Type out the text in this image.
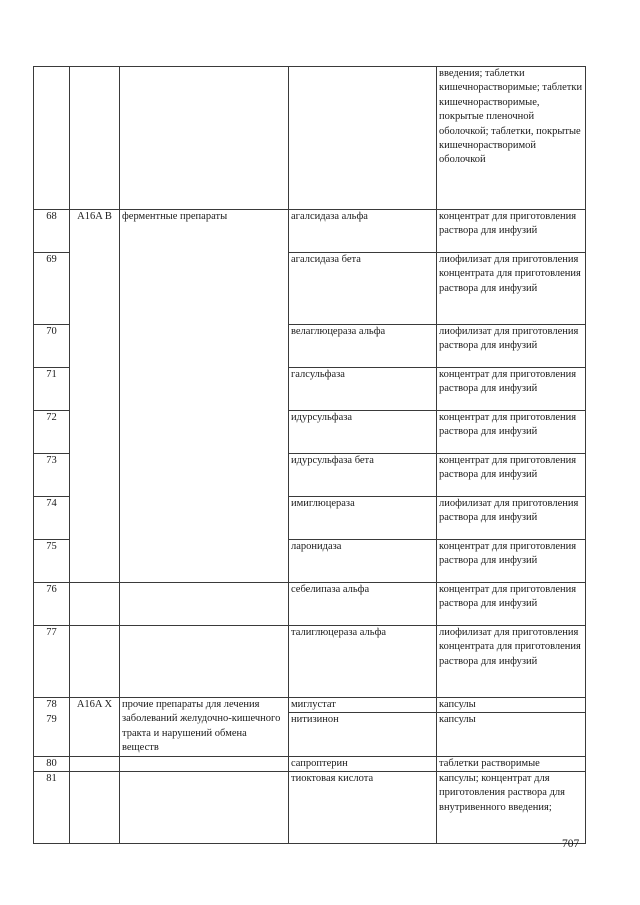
				введения; таблетки кишечнорастворимые; таблетки кишечнорастворимые, покрытые пленочной оболочкой; таблетки, покрытые кишечнорастворимой оболочкой
68	A16A B	ферментные препараты	агалсидаза альфа	концентрат для приготовления раствора для инфузий
69			агалсидаза бета	лиофилизат для приготовления концентрата для приготовления раствора для инфузий
70			велаглюцераза альфа	лиофилизат для приготовления раствора для инфузий
71			галсульфаза	концентрат для приготовления раствора для инфузий
72			идурсульфаза	концентрат для приготовления раствора для инфузий
73			идурсульфаза бета	концентрат для приготовления раствора для инфузий
74			имиглюцераза	лиофилизат для приготовления раствора для инфузий
75			ларонидаза	концентрат для приготовления раствора для инфузий
76			себелипаза альфа	концентрат для приготовления раствора для инфузий
77			талиглюцераза альфа	лиофилизат для приготовления концентрата для приготовления раствора для инфузий
78	A16A X	прочие препараты для лечения заболеваний желудочно-кишечного тракта и нарушений обмена веществ	миглустат	капсулы
79			нитизинон	капсулы
80			сапроптерин	таблетки растворимые
81			тиоктовая кислота	капсулы; концентрат для приготовления раствора для внутривенного введения;
707
